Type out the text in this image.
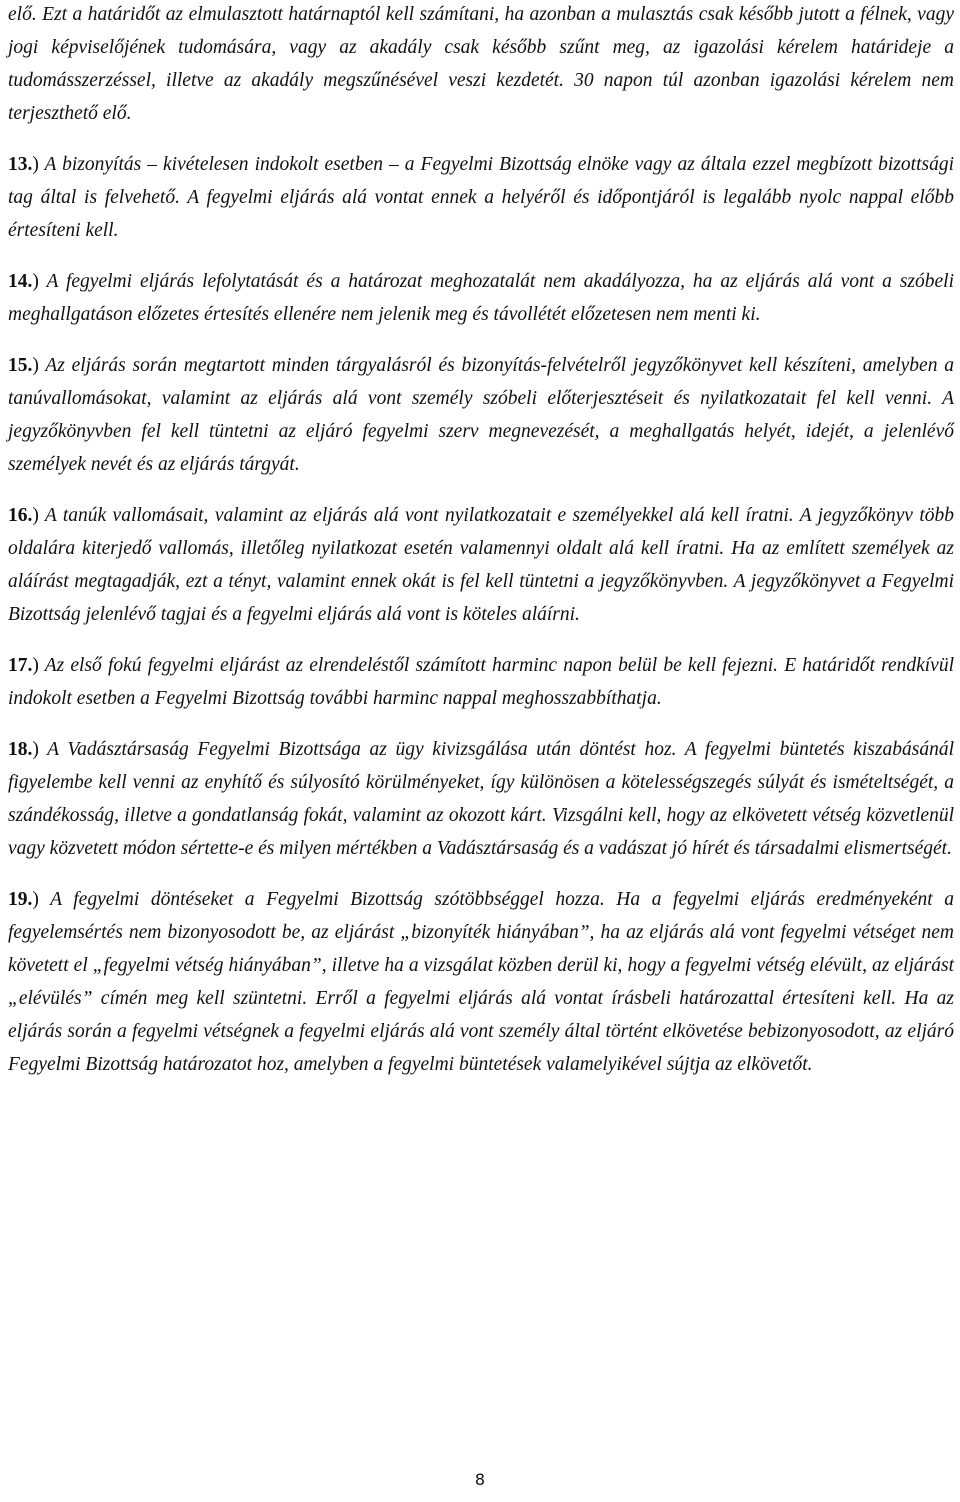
elő. Ezt a határidőt az elmulasztott határnaptól kell számítani, ha azonban a mulasztás csak később jutott a félnek, vagy jogi képviselőjének tudomására, vagy az akadály csak később szűnt meg, az igazolási kérelem határideje a tudomásszerzéssel, illetve az akadály megszűnésével veszi kezdetét. 30 napon túl azonban igazolási kérelem nem terjeszthető elő.

13.) A bizonyítás – kivételesen indokolt esetben – a Fegyelmi Bizottság elnöke vagy az általa ezzel megbízott bizottsági tag által is felvehető. A fegyelmi eljárás alá vontat ennek a helyéről és időpontjáról is legalább nyolc nappal előbb értesíteni kell.

14.) A fegyelmi eljárás lefolytatását és a határozat meghozatalát nem akadályozza, ha az eljárás alá vont a szóbeli meghallgatáson előzetes értesítés ellenére nem jelenik meg és távollétét előzetesen nem menti ki.

15.) Az eljárás során megtartott minden tárgyalásról és bizonyítás-felvételről jegyzőkönyvet kell készíteni, amelyben a tanúvallomásokat, valamint az eljárás alá vont személy szóbeli előterjesztéseit és nyilatkozatait fel kell venni. A jegyzőkönyvben fel kell tüntetni az eljáró fegyelmi szerv megnevezését, a meghallgatás helyét, idejét, a jelenlévő személyek nevét és az eljárás tárgyát.

16.) A tanúk vallomásait, valamint az eljárás alá vont nyilatkozatait e személyekkel alá kell íratni. A jegyzőkönyv több oldalára kiterjedő vallomás, illetőleg nyilatkozat esetén valamennyi oldalt alá kell íratni. Ha az említett személyek az aláírást megtagadják, ezt a tényt, valamint ennek okát is fel kell tüntetni a jegyzőkönyvben. A jegyzőkönyvet a Fegyelmi Bizottság jelenlévő tagjai és a fegyelmi eljárás alá vont is köteles aláírni.

17.) Az első fokú fegyelmi eljárást az elrendeléstől számított harminc napon belül be kell fejezni. E határidőt rendkívül indokolt esetben a Fegyelmi Bizottság további harminc nappal meghosszabbíthatja.

18.) A Vadásztársaság Fegyelmi Bizottsága az ügy kivizsgálása után döntést hoz. A fegyelmi büntetés kiszabásánál figyelembe kell venni az enyhítő és súlyosító körülményeket, így különösen a kötelességszegés súlyát és ismételtségét, a szándékosság, illetve a gondatlanság fokát, valamint az okozott kárt. Vizsgálni kell, hogy az elkövetett vétség közvetlenül vagy közvetett módon sértette-e és milyen mértékben a Vadásztársaság és a vadászat jó hírét és társadalmi elismertségét.

19.) A fegyelmi döntéseket a Fegyelmi Bizottság szótöbbséggel hozza. Ha a fegyelmi eljárás eredményeként a fegyelemsértés nem bizonyosodott be, az eljárást „bizonyíték hiányában”, ha az eljárás alá vont fegyelmi vétséget nem követett el „fegyelmi vétség hiányában”, illetve ha a vizsgálat közben derül ki, hogy a fegyelmi vétség elévült, az eljárást „elévülés” címén meg kell szüntetni. Erről a fegyelmi eljárás alá vontat írásbeli határozattal értesíteni kell. Ha az eljárás során a fegyelmi vétségnek a fegyelmi eljárás alá vont személy által történt elkövetése bebizonyosodott, az eljáró Fegyelmi Bizottság határozatot hoz, amelyben a fegyelmi büntetések valamelyikével sújtja az elkövetőt.

8
